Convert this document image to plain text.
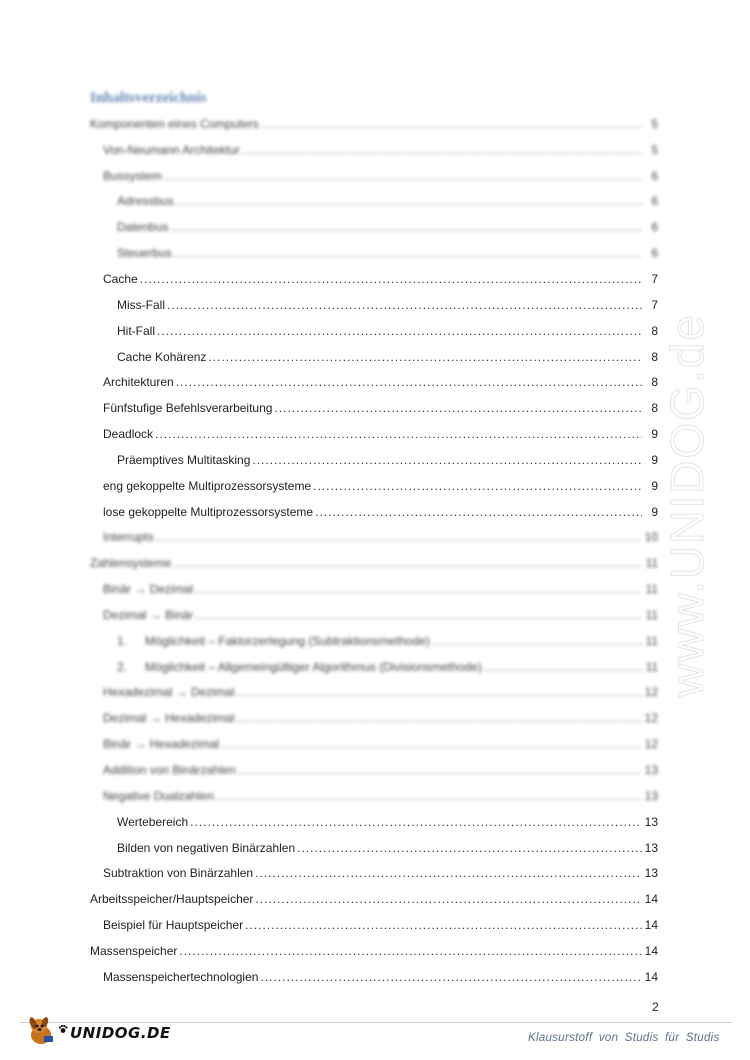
Inhaltsverzeichnis
Komponenten eines Computers .....	5
Von-Neumann Architektur .....	5
Bussystem .....	6
Adressbus .....	6
Datenbus .....	6
Steuerbus .....	6
Cache .....	7
Miss-Fall .....	7
Hit-Fall .....	8
Cache Kohärenz .....	8
Architekturen .....	8
Fünfstufige Befehlsverarbeitung .....	8
Deadlock .....	9
Präemptives Multitasking .....	9
eng gekoppelte Multiprozessorsysteme .....	9
lose gekoppelte Multiprozessorsysteme .....	9
Interrupts .....	10
Zahlensysteme .....	11
Binär → Dezimal .....	11
Dezimal → Binär .....	11
1. Möglichkeit – Faktorzerlegung (Subtraktionsmethode) .....	11
2. Möglichkeit – Allgemeingültiger Algorithmus (Divisionsmethode) .....	11
Hexadezimal → Dezimal .....	12
Dezimal → Hexadezimal .....	12
Binär → Hexadezimal .....	12
Addition von Binärzahlen .....	13
Negative Dualzahlen .....	13
Wertebereich .....	13
Bilden von negativen Binärzahlen .....	13
Subtraktion von Binärzahlen .....	13
Arbeitsspeicher/Hauptspeicher .....	14
Beispiel für Hauptspeicher .....	14
Massenspeicher .....	14
Massenspeichertechnologien .....	14
www.UNIDOG.de
2
UNIDOG.DE	Klausurstoff von Studis für Studis
